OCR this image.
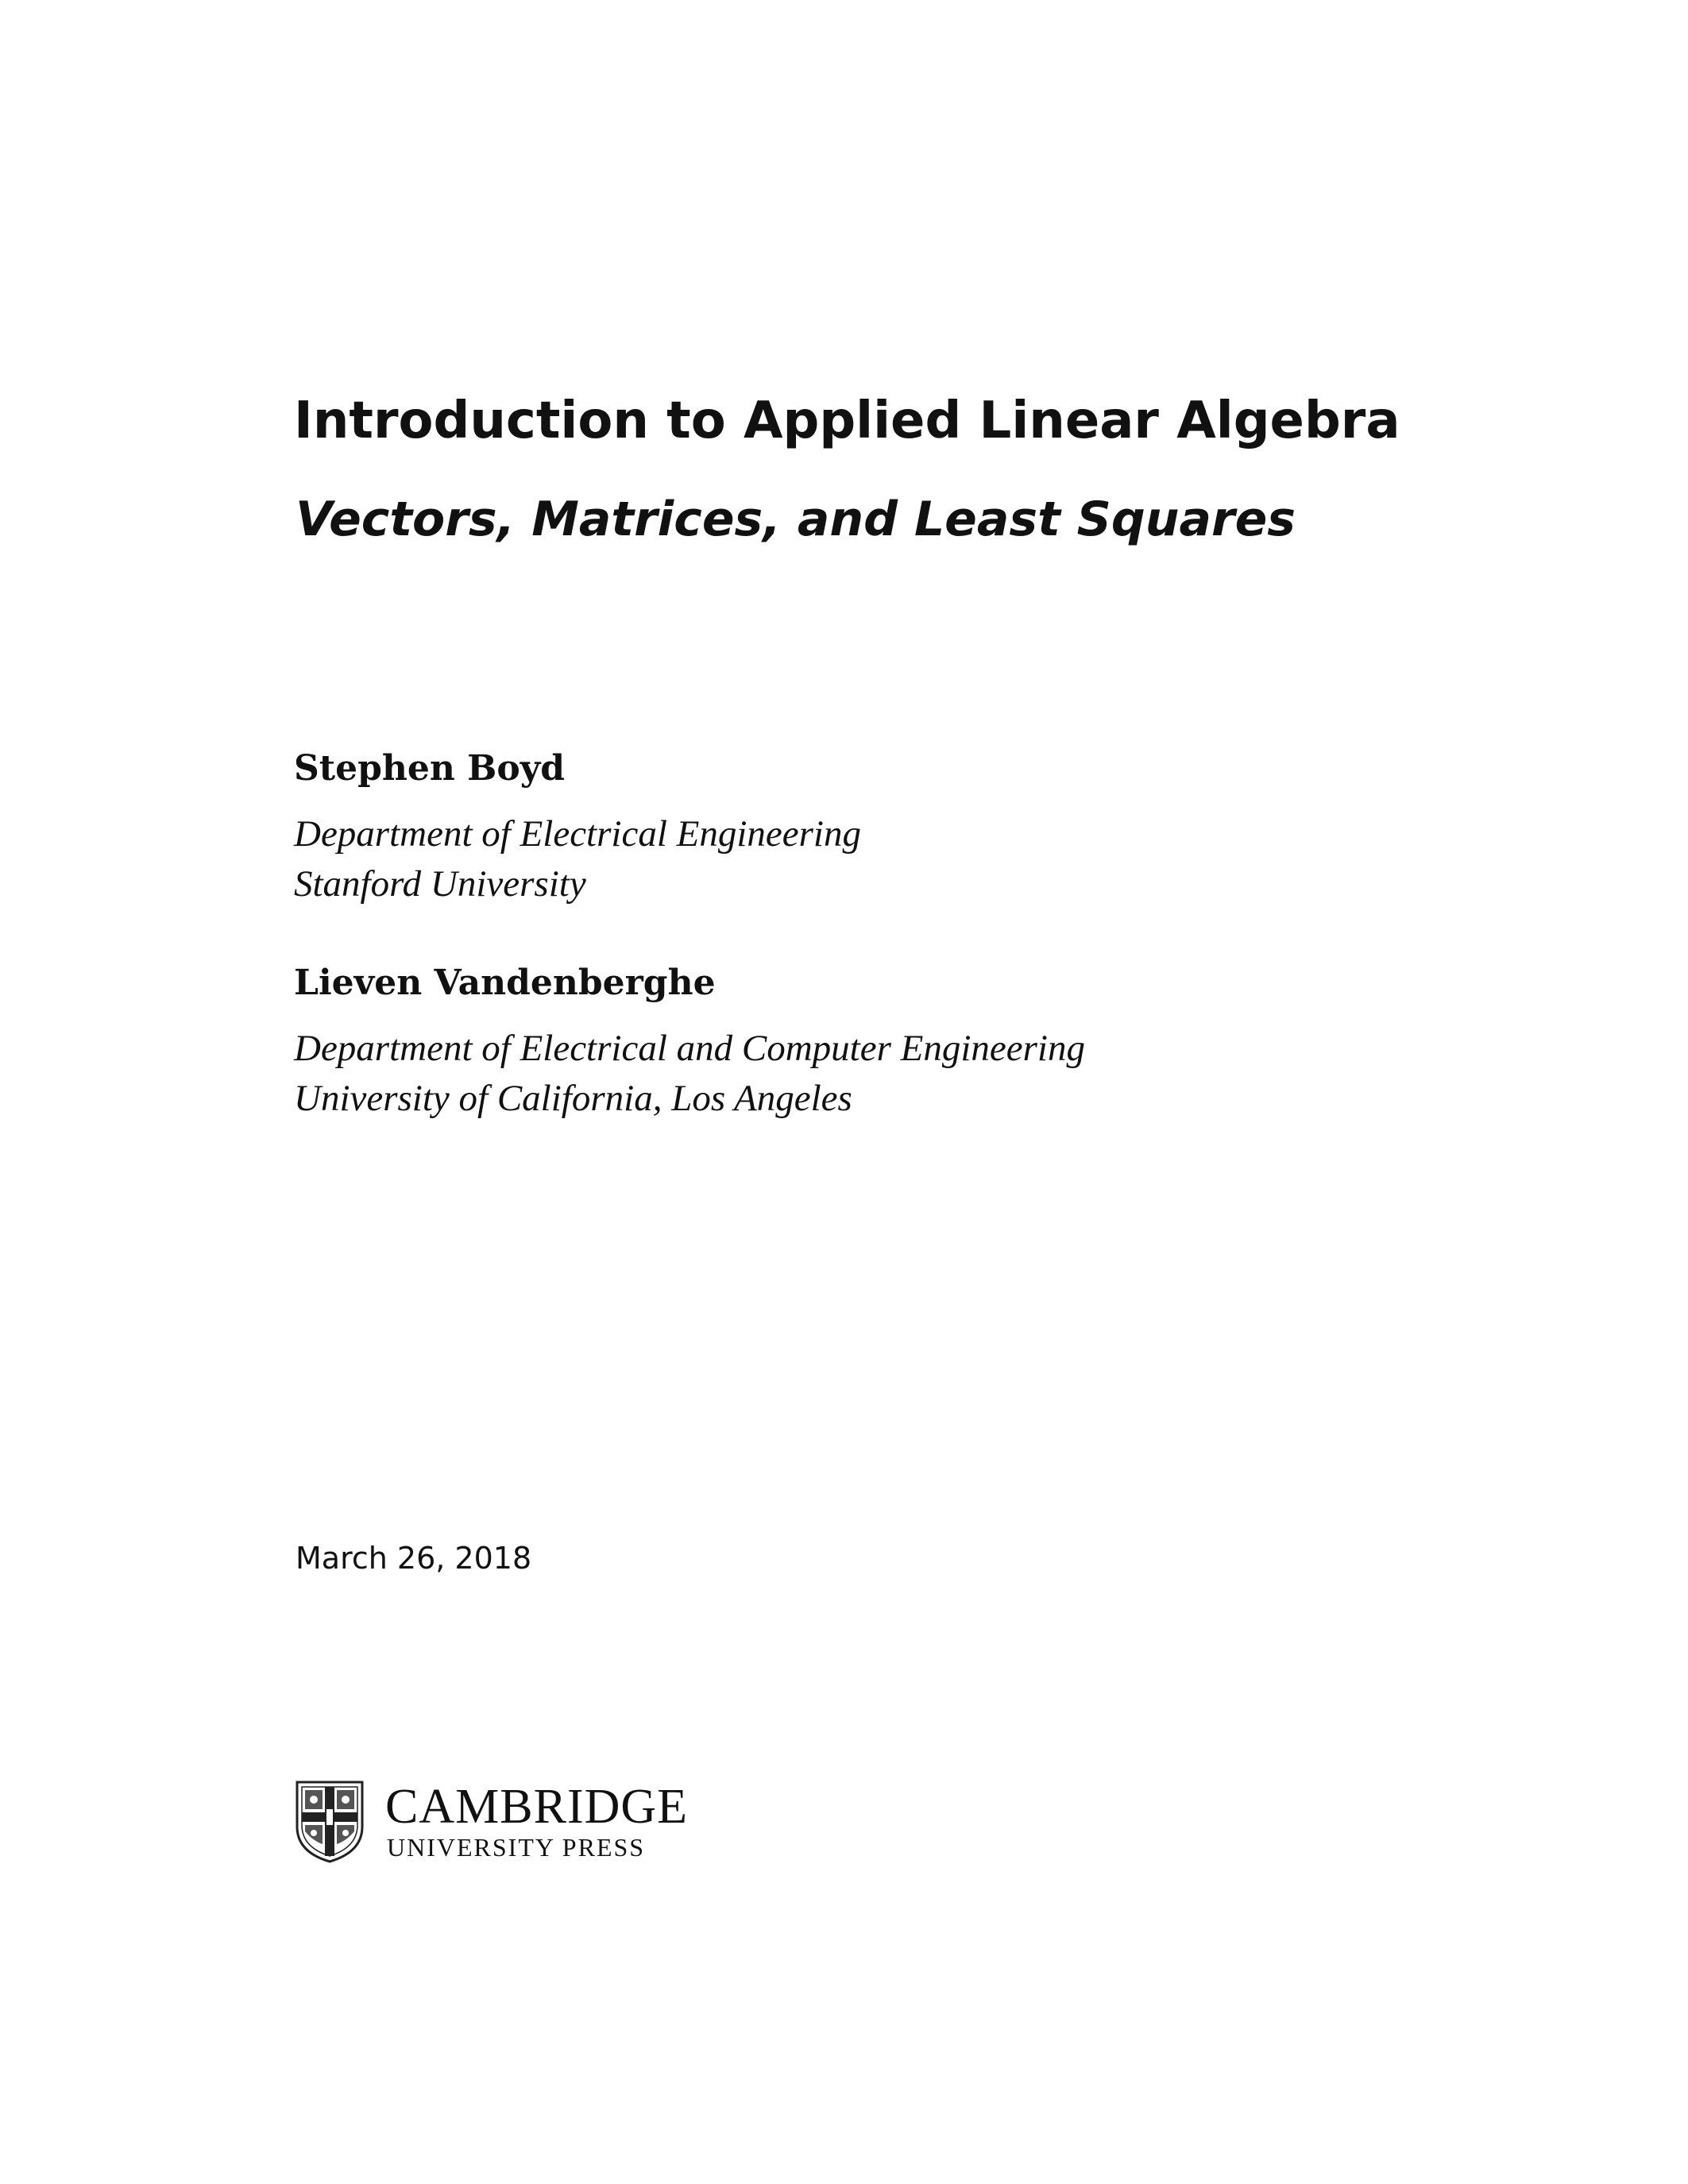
Introduction to Applied Linear Algebra
Vectors, Matrices, and Least Squares

Stephen Boyd

Department of Electrical Engineering

Stanford University

Lieven Vandenberghe

Department of Electrical and Computer Engineering

University of California, Los Angeles

March 26, 2018

CAMBRIDGE

UNIVERSITY PRESS
